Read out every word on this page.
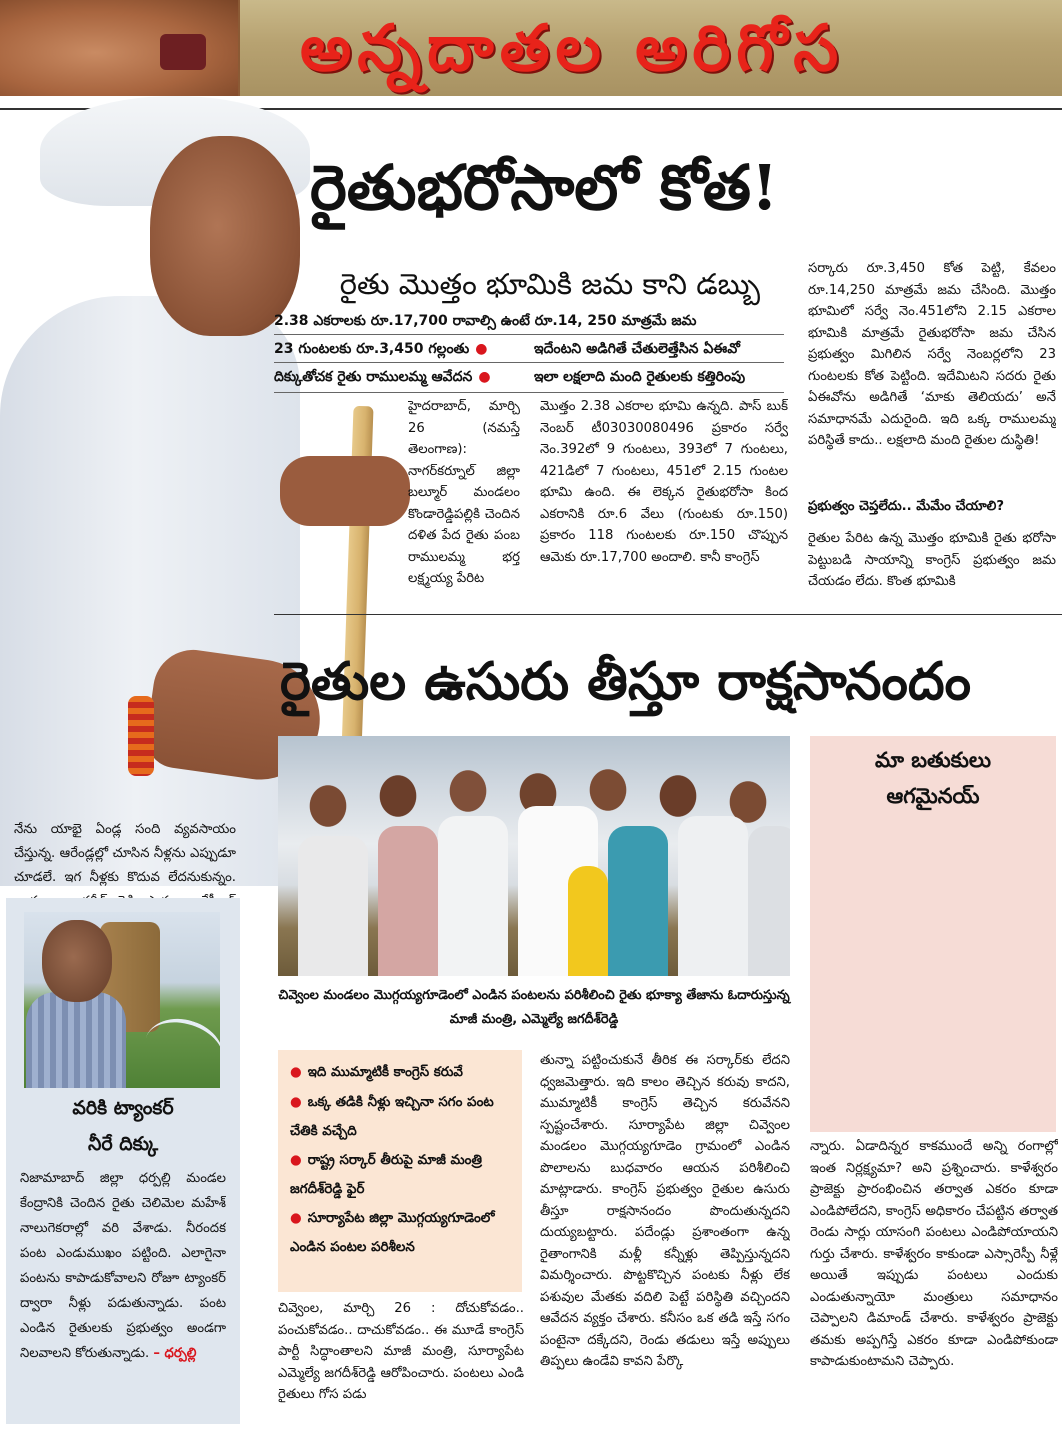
అన్నదాతల అరిగోస
రైతుభరోసాలో కోత!
రైతు మొత్తం భూమికి జమ కాని డబ్బు
2.38 ఎకరాలకు రూ.17,700 రావాల్సి ఉంటే రూ.14, 250 మాత్రమే జమ
23 గుంటలకు రూ.3,450 గల్లంతు ●	ఇదేంటని అడిగితే చేతులెత్తేసిన ఏఈవో
దిక్కుతోచక రైతు రాములమ్మ ఆవేదన ●	ఇలా లక్షలాది మంది రైతులకు కత్తిరింపు
హైదరాబాద్, మార్చి 26 (నమస్తే తెలంగాణ): నాగర్‌కర్నూల్ జిల్లా బల్మూర్ మండలం కొండారెడ్డిపల్లికి చెందిన దళిత పేద రైతు పంబ రాములమ్మ భర్త లక్ష్మయ్య పేరిట
మొత్తం 2.38 ఎకరాల భూమి ఉన్నది. పాస్ బుక్ నెంబర్ టీ03030080496 ప్రకారం సర్వే నెం.392లో 9 గుంటలు, 393లో 7 గుంటలు, 421డిలో 7 గుంటలు, 451లో 2.15 గుంటల భూమి ఉంది. ఈ లెక్కన రైతుభరోసా కింద ఎకరానికి రూ.6 వేలు (గుంటకు రూ.150) ప్రకారం 118 గుంటలకు రూ.150 చొప్పున ఆమెకు రూ.17,700 అందాలి. కానీ కాంగ్రెస్
సర్కారు రూ.3,450 కోత పెట్టి, కేవలం రూ.14,250 మాత్రమే జమ చేసింది. మొత్తం భూమిలో సర్వే నెం.451లోని 2.15 ఎకరాల భూమికి మాత్రమే రైతుభరోసా జమ చేసిన ప్రభుత్వం మిగిలిన సర్వే నెంబర్లలోని 23 గుంటలకు కోత పెట్టింది. ఇదేమిటని సదరు రైతు ఏఈవోను అడిగితే ‘మాకు తెలియదు’ అనే సమాధానమే ఎదురైంది. ఇది ఒక్క రాములమ్మ పరిస్థితే కాదు.. లక్షలాది మంది రైతుల దుస్థితి!
ప్రభుత్వం చెప్తలేదు.. మేమేం చేయాలి?
రైతుల పేరిట ఉన్న మొత్తం భూమికి రైతు భరోసా పెట్టుబడి సాయాన్ని కాంగ్రెస్ ప్రభుత్వం జమ చేయడం లేదు. కొంత భూమికి
రైతుల ఉసురు తీస్తూ రాక్షసానందం
చివ్వెంల మండలం మొగ్గయ్యగూడెంలో ఎండిన పంటలను పరిశీలించి రైతు భూక్యా తేజాను ఓదారుస్తున్న మాజీ మంత్రి, ఎమ్మెల్యే జగదీశ్‌రెడ్డి
మా బతుకులు
ఆగమైనయ్
నేను యాభై ఏండ్ల సంది వ్యవసాయం చేస్తున్న. ఆరేండ్లల్లో చూసిన నీళ్లను ఎప్పుడూ చూడలే. ఇగ నీళ్లకు కొదువ లేదనుకున్నం.
● ఇది ముమ్మాటికీ కాంగ్రెస్ కరువే
● ఒక్క తడికి నీళ్లు ఇచ్చినా సగం పంట చేతికి వచ్చేది
● రాష్ట్ర సర్కార్ తీరుపై మాజీ మంత్రి జగదీశ్‌రెడ్డి ఫైర్
● సూర్యాపేట జిల్లా మొగ్గయ్యగూడెంలో ఎండిన పంటల పరిశీలన
చివ్వెంల, మార్చి 26 : దోచుకోవడం.. పంచుకోవడం.. దాచుకోవడం.. ఈ మూడే కాంగ్రెస్ పార్టీ సిద్ధాంతాలని మాజీ మంత్రి, సూర్యాపేట ఎమ్మెల్యే జగదీశ్‌రెడ్డి ఆరోపించారు. పంటలు ఎండి రైతులు గోస పడు
తున్నా పట్టించుకునే తీరిక ఈ సర్కార్‌కు లేదని ధ్వజమెత్తారు. ఇది కాలం తెచ్చిన కరువు కాదని, ముమ్మాటికీ కాంగ్రెస్ తెచ్చిన కరువేనని స్పష్టంచేశారు. సూర్యాపేట జిల్లా చివ్వెంల మండలం మొగ్గయ్యగూడెం గ్రామంలో ఎండిన పొలాలను బుధవారం ఆయన పరిశీలించి మాట్లాడారు. కాంగ్రెస్ ప్రభుత్వం రైతుల ఉసురు తీస్తూ రాక్షసానందం పొందుతున్నదని దుయ్యబట్టారు. పదేండ్లు ప్రశాంతంగా ఉన్న రైతాంగానికి మళ్లీ కన్నీళ్లు తెప్పిస్తున్నదని విమర్శించారు. పొట్టకొచ్చిన పంటకు నీళ్లు లేక పశువుల మేతకు వదిలి పెట్టే పరిస్థితి వచ్చిందని ఆవేదన వ్యక్తం చేశారు. కనీసం ఒక తడి ఇస్తే సగం పంటైనా దక్కేదని, రెండు తడులు ఇస్తే అప్పులు తిప్పలు ఉండేవి కావని పేర్కొ
న్నారు. ఏడాదిన్నర కాకముందే అన్ని రంగాల్లో ఇంత నిర్లక్ష్యమా? అని ప్రశ్నించారు. కాళేశ్వరం ప్రాజెక్టు ప్రారంభించిన తర్వాత ఎకరం కూడా ఎండిపోలేదని, కాంగ్రెస్ అధికారం చేపట్టిన తర్వాత రెండు సార్లు యాసంగి పంటలు ఎండిపోయాయని గుర్తు చేశారు. కాళేశ్వరం కాకుండా ఎస్సారెస్పీ నీళ్లే అయితే ఇప్పుడు పంటలు ఎందుకు ఎండుతున్నాయో మంత్రులు సమాధానం చెప్పాలని డిమాండ్ చేశారు. కాళేశ్వరం ప్రాజెక్టు తమకు అప్పగిస్తే ఎకరం కూడా ఎండిపోకుండా కాపాడుకుంటామని చెప్పారు.
వరికి ట్యాంకర్
నీరే దిక్కు
నిజామాబాద్ జిల్లా ధర్పల్లి మండల కేంద్రానికి చెందిన రైతు చెలిమెల మహేశ్ నాలుగెకరాల్లో వరి వేశాడు. నీరందక పంట ఎండుముఖం పట్టింది. ఎలాగైనా పంటను కాపాడుకోవాలని రోజూ ట్యాంకర్ ద్వారా నీళ్లు పడుతున్నాడు. పంట ఎండిన రైతులకు ప్రభుత్వం అండగా నిలవాలని కోరుతున్నాడు. – ధర్పల్లి
